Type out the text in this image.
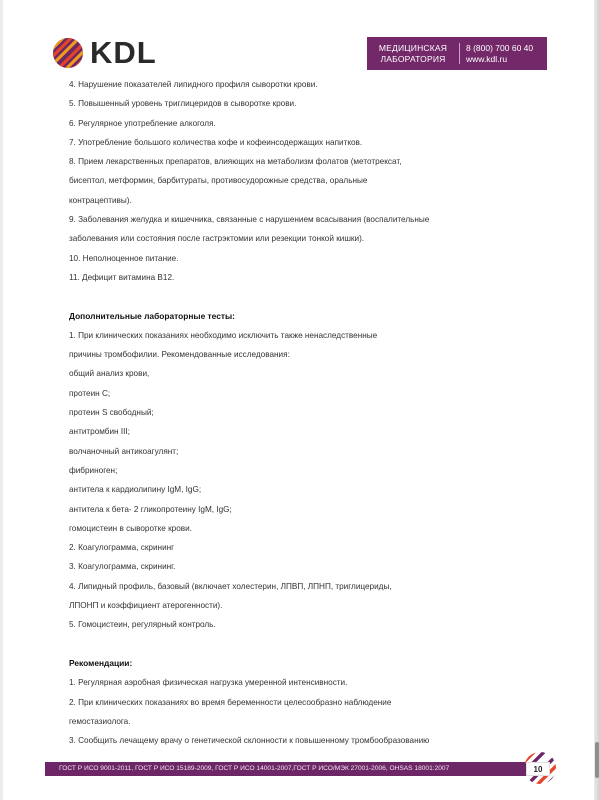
KDL	МЕДИЦИНСКАЯ
ЛАБОРАТОРИЯ
8 (800) 700 60 40
www.kdl.ru
4. Нарушение показателей липидного профиля сыворотки крови.
5. Повышенный уровень триглицеридов в сыворотке крови.
6. Регулярное употребление алкоголя.
7. Употребление большого количества кофе и кофеинсодержащих напитков.
8. Прием лекарственных препаратов, влияющих на метаболизм фолатов (метотрексат,
бисептол, метформин, барбитураты, противосудорожные средства, оральные
контрацептивы).
9. Заболевания желудка и кишечника, связанные с нарушением всасывания (воспалительные
заболевания или состояния после гастрэктомии или резекции тонкой кишки).
10. Неполноценное питание.
11. Дефицит витамина В12.
Дополнительные лабораторные тесты:
1. При клинических показаниях необходимо исключить также ненаследственные
причины тромбофилии. Рекомендованные исследования:
общий анализ крови,
протеин С;
протеин S свободный;
антитромбин III;
волчаночный антикоагулянт;
фибриноген;
антитела к кардиолипину IgM, IgG;
антитела к бета- 2 гликопротеину IgM, IgG;
гомоцистеин в сыворотке крови.
2. Коагулограмма, скрининг
3. Коагулограмма, скрининг.
4. Липидный профиль, базовый (включает холестерин, ЛПВП, ЛПНП, триглицериды,
ЛПОНП и коэффициент атерогенности).
5. Гомоцистеин, регулярный контроль.
Рекомендации:
1. Регулярная аэробная физическая нагрузка умеренной интенсивности.
2. При клинических показаниях во время беременности целесообразно наблюдение
гемостазиолога.
3. Сообщить лечащему врачу о генетической склонности к повышенному тромбообразованию
ГОСТ Р ИСО 9001-2011, ГОСТ Р ИСО 15189-2009, ГОСТ Р ИСО 14001-2007,ГОСТ Р ИСО/МЭК 27001-2006, OHSAS 18001:2007	10
